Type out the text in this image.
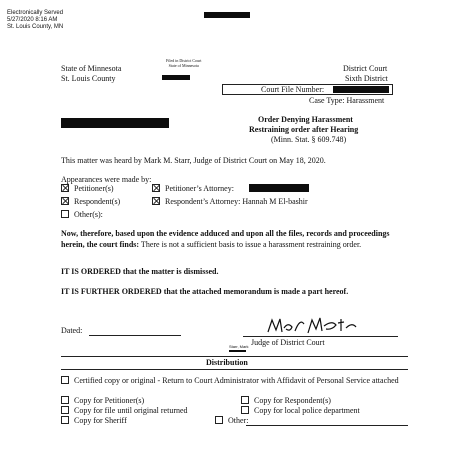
Electronically Served
5/27/2020 8:16 AM
St. Louis County, MN
State of Minnesota
St. Louis County
Filed in District Court
State of Minnesota	District Court
Sixth District
Court File Number:
Case Type: Harassment
Order Denying Harassment
Restraining order after Hearing
(Minn. Stat. § 609.748)
This matter was heard by Mark M. Starr, Judge of District Court on May 18, 2020.
Appearances were made by:
Petitioner(s)
Respondent(s)
Other(s):
Petitioner’s Attorney:
Respondent’s Attorney: Hannah M El-bashir
Now, therefore, based upon the evidence adduced and upon all the files, records and proceedings herein, the court finds: There is not a sufficient basis to issue a harassment restraining order.
IT IS ORDERED that the matter is dismissed.
IT IS FURTHER ORDERED that the attached memorandum is made a part hereof.
Dated:
Judge of District Court
Starr, Mark
Distribution
Certified copy or original - Return to Court Administrator with Affidavit of Personal Service attached
Copy for Petitioner(s)	Copy for Respondent(s)
Copy for file until original returned	Copy for local police department
Copy for Sheriff	Other:
